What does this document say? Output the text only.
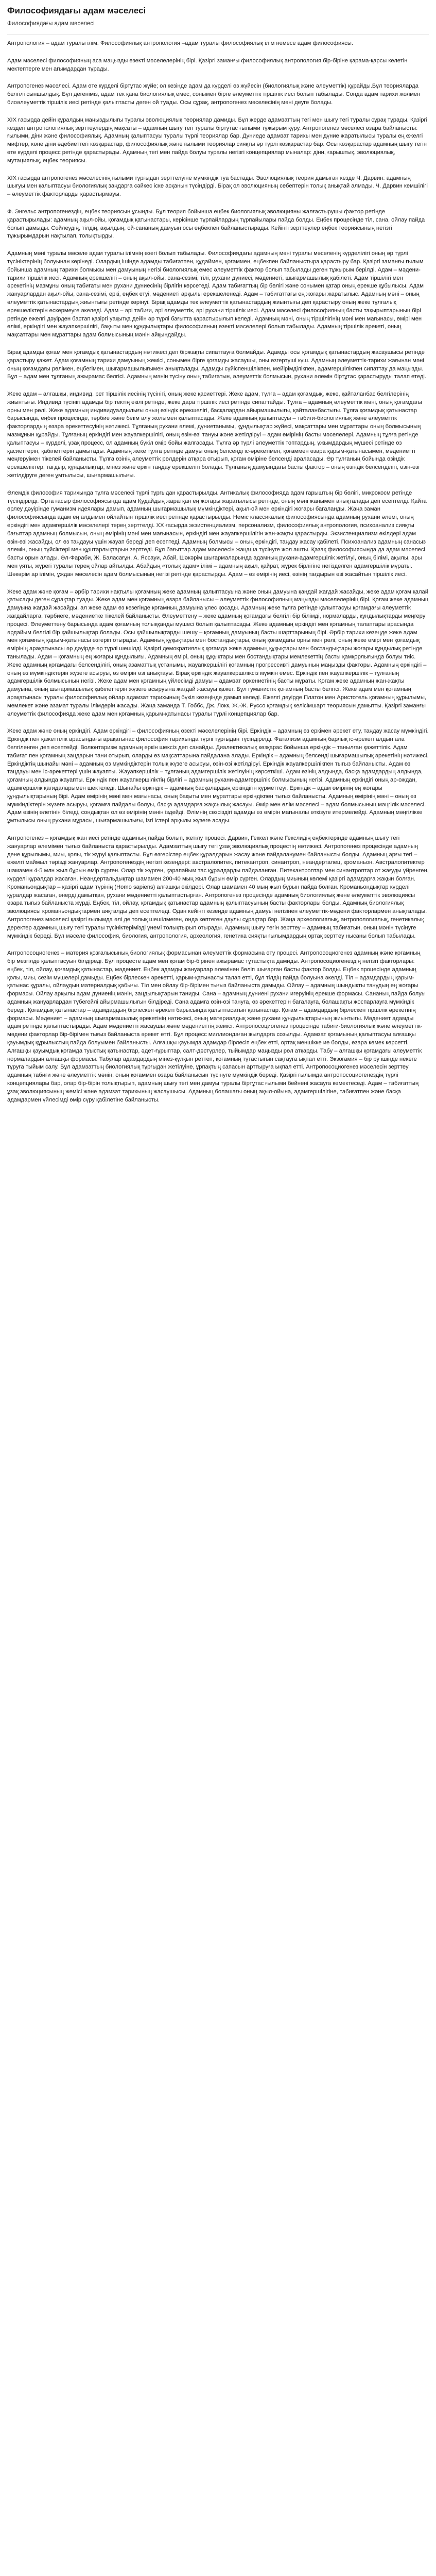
Философиядағы адам мәселесі
Философиядағы адам мәселесі

Антропология – адам туралы ілім. Философиялық антропология –адам туралы философиялық ілім немесе адам философиясы.

Адам мәселесі философияның аса маңызды өзекті мәселелерінің бірі. Қазіргі заманғы философиялық антропология бір-біріне қарама-қарсы келетін мектептерге мен ағымдардан тұрады.

Антропогенез мәселесі. Адам өте күрделі біртұтас жүйе; ол кезінде адам да күрделі өз жүйесін (биологиялық және әлеуметтік) құрайды.Бұл теорияларда белгілі сыншылдық. Бұл дегеніміз, адам тек қана биологиялық емес, сонымен бірге әлеуметтік тіршілік иесі болып табылады. Сонда адам тарихи жолмен биоәлеуметтік тіршілік иесі ретінде қалыптасты деген ой туады. Осы сұрақ, антропогенез мәселесінің мәні деуге болады.

ХІХ ғасырда дейін құралдың маңыздылығы туралы эволюциялық теориялар дамиды. Бұл жерде адамзаттың тегі мен шығу тегі туралы сұрақ тұрады. Қазіргі кездегі антропологиялық зерттеулердің мақсаты – адамның шығу тегі туралы біртұтас ғылыми тұжырым құру. Антропогенез мәселесі өзара байланысты: ғылыми, діни және философиялық. Адамның қалыптасуы туралы түрлі теориялар бар. Дүниеде адамзат тарихы мен дүние жаратылысы туралы ең ежелгі мифтер, көне діни әдебиеттегі көзқарастар, философиялық және ғылыми теориялар сияқты әр түрлі көзқарастар бар. Осы көзқарастар адамның шығу тегін өте күрделі процесс ретінде қарастырады. Адамның тегі мен пайда болуы туралы негізгі концепциялар мыналар: діни, ғарыштық, эволюциялық, мутациялық, еңбек теориясы.

ХІХ ғасырда антропогенез мәселесінің ғылыми тұрғыдан зерттелуіне мүмкіндік туа бастады. Эволюциялық теория дамыған кезде Ч. Дарвин: адамның шығуы мен қалыптасуы биологиялық заңдарға сәйкес іске асқанын түсіндірді. Бірақ ол эволюцияның себептерін толық анықтай алмады. Ч. Дарвин кемшілігі – әлеуметтік факторларды қарастырмауы.

Ф. Энгельс антропогенездің, еңбек теориясын ұсынды. Бұл теория бойынша еңбек биологиялық эволюцияны жалғастырушы фактор ретінде қарастырылады: адамның ақыл-ойы, қоғамдық қатынастары, керісінше тұрпайлардың тұрпайылары пайда болды. Еңбек процесінде тіл, сана, ойлау пайда болып дамыды. Сөйлеудің, тілдің, ақылдың, ой-сананың дамуын осы еңбекпен байланыстырады. Кейінгі зерттеулер еңбек теориясының негізгі тұжырымдарын нақтылап, толықтырды.

Адамның мәні туралы мәселе адам туралы ілімнің өзегі болып табылады. Философиядағы адамның мәні туралы мәселенің күрделілігі оның әр түрлі түсініктерінің болуынан көрінеді. Олардың ішінде адамды табиғатпен, құдаймен, қоғаммен, еңбекпен байланыстыра қарастыру бар. Қазіргі заманғы ғылым бойынша адамның тарихи болмысы мен дамуының негізі биологиялық емес әлеуметтік фактор болып табылады деген тұжырым берілді. Адам – мәдени-тарихи тіршілік иесі. Адамның ерекшелігі – оның ақыл-ойы, сана-сезімі, тілі, рухани дүниесі, мәдениеті, шығармашылық қабілеті. Адам тіршілігі мен әрекетінің мазмұны оның табиғаты мен рухани дүниесінің бірлігін көрсетеді. Адам табиғаттың бір бөлігі және сонымен қатар оның ерекше құбылысы. Адам жануарлардан ақыл-ойы, сана-сезімі, еркі, еңбек етуі, мәдениеті арқылы ерекшеленеді. Адам – табиғаттағы ең жоғары жаратылыс. Адамның мәні – оның әлеуметтік қатынастардың жиынтығы ретінде көрінуі. Бірақ адамды тек әлеуметтік қатынастардың жиынтығы деп қарастыру оның жеке тұлғалық ерекшеліктерін ескермеуге әкеледі. Адам – әрі табиғи, әрі әлеуметтік, әрі рухани тіршілік иесі. Адам мәселесі философияның басты тақырыптарының бірі ретінде ежелгі дәуірден бастап қазіргі уақытқа дейін әр түрлі бағытта қарастырылып келеді. Адамның мәні, оның тіршілігінің мәні мен мағынасы, өмірі мен өлімі, еркіндігі мен жауапкершілігі, бақыты мен құндылықтары философияның өзекті мәселелері болып табылады. Адамның тіршілік әрекеті, оның мақсаттары мен мұраттары адам болмысының мәнін айқындайды.

Бірақ адамды қоғам мен қоғамдық қатынастардың нәтижесі деп біржақты сипаттауға болмайды. Адамды осы қоғамдық қатынастардың жасаушысы ретінде қарастыру қажет. Адам қоғамның тарихи дамуының жемісі, сонымен бірге қоғамды жасаушы, оны өзгертуші күш. Адамның әлеуметтік-тарихи жағынан мәні оның қоғамдағы рөлімен, еңбегімен, шығармашылығымен анықталады. Адамды сүйіспеншілікпен, мейірімділікпен, адамгершілікпен сипаттау да маңызды. Бұл – адам мен тұлғаның ажырамас белгісі. Адамның мәнін түсіну оның табиғатын, әлеуметтік болмысын, рухани әлемін біртұтас қарастыруды талап етеді.

Жеке адам – алғашқы, индивид, рет тіршілік иесінің түсінігі, оның жеке қасиеттері. Жеке адам, тұлға – адам қоғамдық, жеке, қайталанбас белгілерінің жиынтығы. Индивид түсінігі адамды бір тектің өкілі ретінде, жеке дара тіршілік иесі ретінде сипаттайды. Тұлға – адамның әлеуметтік мәні, оның қоғамдағы орны мен рөлі. Жеке адамның индивидуалдылығы оның өзіндік ерекшелігі, басқалардан айырмашылығы, қайталанбастығы. Тұлға қоғамдық қатынастар барысында, еңбек процесінде, тәрбие және білім алу жолымен қалыптасады. Жеке адамның қалыптасуы – табиғи-биологиялық және әлеуметтік факторлардың өзара әрекеттесуінің нәтижесі. Тұлғаның рухани әлемі, дүниетанымы, құндылықтар жүйесі, мақсаттары мен мұраттары оның болмысының мазмұнын құрайды. Тұлғаның еркіндігі мен жауапкершілігі, оның өзін-өзі тануы және жетілдіруі – адам өмірінің басты мәселелері. Адамның тұлға ретінде қалыптасуы – күрделі, ұзақ процесс, ол адамның бүкіл өмір бойы жалғасады. Тұлға әр түрлі әлеуметтік топтардың, ұжымдардың мүшесі ретінде өз қасиеттерін, қабілеттерін дамытады. Адамның жеке тұлға ретінде дамуы оның белсенді іс-әрекетімен, қоғаммен өзара қарым-қатынасымен, мәдениетті меңгеруімен тікелей байланысты. Тұлға өзінің әлеуметтік рөлдерін атқара отырып, қоғам өміріне белсенді араласады. Әр тұлғаның бойында өзіндік ерекшеліктер, тағдыр, құндылықтар, мінез және еркін таңдау ерекшелігі болады. Тұлғаның дамуындағы басты фактор – оның өзіндік белсенділігі, өзін-өзі жетілдіруге деген ұмтылысы, шығармашылығы.

Әлемдік философия тарихында тұлға мәселесі түрлі тұрғыдан қарастырылды. Антикалық философияда адам ғарыштың бір бөлігі, микрокосм ретінде түсіндірілді. Орта ғасыр философиясында адам Құдайдың жаратқан ең жоғары жаратылысы ретінде, оның мәні жанымен анықталады деп есептелді. Қайта өрлеу дәуірінде гуманизм идеялары дамып, адамның шығармашылық мүмкіндіктері, ақыл-ой мен еркіндігі жоғары бағаланды. Жаңа заман философиясында адам ең алдымен ойлайтын тіршілік иесі ретінде қарастырылды. Неміс классикалық философиясында адамның рухани әлемі, оның еркіндігі мен адамгершілік мәселелері терең зерттелді. ХХ ғасырда экзистенциализм, персонализм, философиялық антропология, психоанализ сияқты бағыттар адамның болмысын, оның өмірінің мәні мен мағынасын, еркіндігі мен жауапкершілігін жан-жақты қарастырды. Экзистенциализм өкілдері адам өзін-өзі жасайды, ол өз таңдауы үшін жауап береді деп есептеді. Адамның болмысы – оның еркіндігі, таңдау жасау қабілеті. Психоанализ адамның санасыз әлемін, оның түйсіктері мен құштарлықтарын зерттеді. Бұл бағыттар адам мәселесін жаңаша түсінуге жол ашты. Қазақ философиясында да адам мәселесі басты орын алады. Әл-Фараби, Ж. Баласағұн, А. Яссауи, Абай, Шәкәрім шығармаларында адамның рухани-адамгершілік жетілуі, оның білімі, ақылы, ары мен ұяты, жүрегі туралы терең ойлар айтылды. Абайдың «толық адам» ілімі – адамның ақыл, қайрат, жүрек бірлігіне негізделген адамгершілік мұраты. Шәкәрім ар ілімін, ұждан мәселесін адам болмысының негізі ретінде қарастырды. Адам – өз өмірінің иесі, өзінің тағдырын өзі жасайтын тіршілік иесі.

Жеке адам және қоғам – әрбір тарихи нақтылы қоғамның жеке адамның қалыптасуына және оның дамуына қандай жағдай жасайды, жеке адам қоғам қалай қатысады деген сұрақтар туады. Жеке адам мен қоғамның өзара байланысы – әлеуметтік философияның маңызды мәселелерінің бірі. Қоғам жеке адамның дамуына жағдай жасайды, ал жеке адам өз кезегінде қоғамның дамуына үлес қосады. Адамның жеке тұлға ретінде қалыптасуы қоғамдағы әлеуметтік жағдайларға, тәрбиеге, мәдениетке тікелей байланысты. Әлеуметтену – жеке адамның қоғамдағы белгілі бір білімді, нормаларды, құндылықтарды меңгеру процесі. Әлеуметтену барысында адам қоғамның толыққанды мүшесі болып қалыптасады. Жеке адамның еркіндігі мен қоғамның талаптары арасында әрдайым белгілі бір қайшылықтар болады. Осы қайшылықтарды шешу – қоғамның дамуының басты шарттарының бірі. Әрбір тарихи кезеңде жеке адам мен қоғамның қарым-қатынасы өзгеріп отырады. Адамның құқықтары мен бостандықтары, оның қоғамдағы орны мен рөлі, оның жеке өмірі мен қоғамдық өмірінің арақатынасы әр дәуірде әр түрлі шешілді. Қазіргі демократиялық қоғамда жеке адамның құқықтары мен бостандықтары жоғары құндылық ретінде танылады. Адам – қоғамның ең жоғары құндылығы. Адамның өмірі, оның құқықтары мен бостандықтары мемлекеттің басты қамқорлығында болуы тиіс. Жеке адамның қоғамдағы белсенділігі, оның азаматтық ұстанымы, жауапкершілігі қоғамның прогрессивті дамуының маңызды факторы. Адамның еркіндігі – оның өз мүмкіндіктерін жүзеге асыруы, өз өмірін өзі анықтауы. Бірақ еркіндік жауапкершіліксіз мүмкін емес. Еркіндік пен жауапкершілік – тұлғаның адамгершілік болмысының негізі. Жеке адам мен қоғамның үйлесімді дамуы – адамзат өркениетінің басты мұраты. Қоғам жеке адамның жан-жақты дамуына, оның шығармашылық қабілеттерін жүзеге асыруына жағдай жасауы қажет. Бұл гуманистік қоғамның басты белгісі. Жеке адам мен қоғамның арақатынасы туралы философиялық ойлар адамзат тарихының бүкіл кезеңінде дамып келеді. Ежелгі дәуірде Платон мен Аристотель қоғамның құрылымы, мемлекет және азамат туралы ілімдерін жасады. Жаңа заманда Т. Гоббс, Дж. Локк, Ж.-Ж. Руссо қоғамдық келісімшарт теориясын дамытты. Қазіргі заманғы әлеуметтік философияда жеке адам мен қоғамның қарым-қатынасы туралы түрлі концепциялар бар.

Жеке адам және оның еркіндігі. Адам еркіндігі – философияның өзекті мәселелерінің бірі. Еркіндік – адамның өз еркімен әрекет ету, таңдау жасау мүмкіндігі. Еркіндік пен қажеттілік арасындағы арақатынас философия тарихында түрлі тұрғыдан түсіндірілді. Фатализм адамның барлық іс-әрекеті алдын ала белгіленген деп есептейді. Волюнтаризм адамның еркін шексіз деп санайды. Диалектикалық көзқарас бойынша еркіндік – танылған қажеттілік. Адам табиғат пен қоғамның заңдарын тани отырып, оларды өз мақсаттарына пайдалана алады. Еркіндік – адамның белсенді шығармашылық әрекетінің нәтижесі. Еркіндіктің шынайы мәні – адамның өз мүмкіндіктерін толық жүзеге асыруы, өзін-өзі жетілдіруі. Еркіндік жауапкершілікпен тығыз байланысты. Адам өз таңдауы мен іс-әрекеттері үшін жауапты. Жауапкершілік – тұлғаның адамгершілік жетілуінің көрсеткіші. Адам өзінің алдында, басқа адамдардың алдында, қоғамның алдында жауапты. Еркіндік пен жауапкершіліктің бірлігі – адамның рухани-адамгершілік болмысының негізі. Адамның еркіндігі оның ар-ождан, адамгершілік қағидаларымен шектеледі. Шынайы еркіндік – адамның басқалардың еркіндігін құрметтеуі. Еркіндік – адам өмірінің ең жоғары құндылықтарының бірі. Адам өмірінің мәні мен мағынасы, оның бақыты мен мұраттары еркіндікпен тығыз байланысты. Адамның өмірінің мәні – оның өз мүмкіндіктерін жүзеге асыруы, қоғамға пайдалы болуы, басқа адамдарға жақсылық жасауы. Өмір мен өлім мәселесі – адам болмысының мәңгілік мәселесі. Адам өзінің өлетінін біледі, сондықтан ол өз өмірінің мәнін іздейді. Өлімнің сөзсіздігі адамды өз өмірін мағыналы өткізуге итермелейді. Адамның мәңгілікке ұмтылысы оның рухани мұрасы, шығармашылығы, ізгі істері арқылы жүзеге асады.

Антропогенез – қоғамдық жан иесі ретінде адамның пайда болып, жетілу процесі. Дарвин, Геккел және Гекслидің еңбектерінде адамның шығу тегі жануарлар әлемімен тығыз байланыста қарастырылды. Адамзаттың шығу тегі ұзақ эволюциялық процестің нәтижесі. Антропогенез процесінде адамның дене құрылымы, миы, қолы, тік жүруі қалыптасты. Бұл өзгерістер еңбек құралдарын жасау және пайдаланумен байланысты болды. Адамның арғы тегі – ежелгі маймыл тәрізді жануарлар. Антропогенездің негізгі кезеңдері: австралопитек, питекантроп, синантроп, неандерталец, кроманьон. Австралопитектер шамамен 4-5 млн жыл бұрын өмір сүрген. Олар тік жүрген, қарапайым тас құралдарды пайдаланған. Питекантроптар мен синантроптар от жағуды үйренген, күрделі құралдар жасаған. Неандертальдықтар шамамен 200-40 мың жыл бұрын өмір сүрген. Олардың миының көлемі қазіргі адамдарға жақын болған. Кроманьондықтар – қазіргі адам түрінің (Homo sapiens) алғашқы өкілдері. Олар шамамен 40 мың жыл бұрын пайда болған. Кроманьондықтар күрделі құралдар жасаған, өнерді дамытқан, рухани мәдениетті қалыптастырған. Антропогенез процесінде адамның биологиялық және әлеуметтік эволюциясы өзара тығыз байланыста жүрді. Еңбек, тіл, ойлау, қоғамдық қатынастар адамның қалыптасуының басты факторлары болды. Адамның биологиялық эволюциясы кроманьондықтармен аяқталды деп есептеледі. Одан кейінгі кезеңде адамның дамуы негізінен әлеуметтік-мәдени факторлармен анықталады. Антропогенез мәселесі қазіргі ғылымда әлі де толық шешілмеген, онда көптеген даулы сұрақтар бар. Жаңа археологиялық, антропологиялық, генетикалық деректер адамның шығу тегі туралы түсініктерімізді үнемі толықтырып отырады. Адамның шығу тегін зерттеу – адамның табиғатын, оның мәнін түсінуге мүмкіндік береді. Бұл мәселе философия, биология, антропология, археология, генетика сияқты ғылымдардың ортақ зерттеу нысаны болып табылады.

Антропосоциогенез – материя қозғалысының биологиялық формасынан әлеуметтік формасына өту процесі. Антропосоциогенез адамның және қоғамның бір мезгілде қалыптасуын білдіреді. Бұл процесте адам мен қоғам бір-бірінен ажырамас тұтастықта дамиды. Антропосоциогенездің негізгі факторлары: еңбек, тіл, ойлау, қоғамдық қатынастар, мәдениет. Еңбек адамды жануарлар әлемінен бөліп шығарған басты фактор болды. Еңбек процесінде адамның қолы, миы, сезім мүшелері дамыды. Еңбек бірлескен әрекетті, қарым-қатынасты талап етті, бұл тілдің пайда болуына әкелді. Тіл – адамдардың қарым-қатынас құралы, ойлаудың материалдық қабығы. Тіл мен ойлау бір-бірімен тығыз байланыста дамыды. Ойлау – адамның шындықты танудың ең жоғары формасы. Ойлау арқылы адам дүниенің мәнін, заңдылықтарын таниды. Сана – адамның дүниені рухани игеруінің ерекше формасы. Сананың пайда болуы адамның жануарлардан түбегейлі айырмашылығын білдіреді. Сана адамға өзін-өзі тануға, өз әрекеттерін бағалауға, болашақты жоспарлауға мүмкіндік береді. Қоғамдық қатынастар – адамдардың бірлескен әрекеті барысында қалыптасатын қатынастар. Қоғам – адамдардың бірлескен тіршілік әрекетінің формасы. Мәдениет – адамның шығармашылық әрекетінің нәтижесі, оның материалдық және рухани құндылықтарының жиынтығы. Мәдениет адамды адам ретінде қалыптастырады. Адам мәдениетті жасаушы және мәдениеттің жемісі. Антропосоциогенез процесінде табиғи-биологиялық және әлеуметтік-мәдени факторлар бір-бірімен тығыз байланыста әрекет етті. Бұл процесс миллиондаған жылдарға созылды. Адамзат қоғамының қалыптасуы алғашқы қауымдық құрылыстың пайда болуымен байланысты. Алғашқы қауымда адамдар бірлесіп еңбек етті, ортақ меншікке ие болды, өзара көмек көрсетті. Алғашқы қауымдық қоғамда туыстық қатынастар, әдет-ғұрыптар, салт-дәстүрлер, тыйымдар маңызды рөл атқарды. Табу – алғашқы қоғамдағы әлеуметтік нормалардың алғашқы формасы. Табулар адамдардың мінез-құлқын реттеп, қоғамның тұтастығын сақтауға ықпал етті. Экзогамия – бір ру ішінде некеге тұруға тыйым салу. Бұл адамзаттың биологиялық тұрғыдан жетілуіне, ұрпақтың сапасын арттыруға ықпал етті. Антропосоциогенез мәселесін зерттеу адамның табиғи және әлеуметтік мәнін, оның қоғаммен өзара байланысын түсінуге мүмкіндік береді. Қазіргі ғылымда антропосоциогенездің түрлі концепциялары бар, олар бір-бірін толықтырып, адамның шығу тегі мен дамуы туралы біртұтас ғылыми бейнені жасауға көмектеседі. Адам – табиғаттың ұзақ эволюциясының жемісі және адамзат тарихының жасаушысы. Адамның болашағы оның ақыл-ойына, адамгершілігіне, табиғатпен және басқа адамдармен үйлесімді өмір сүру қабілетіне байланысты.
